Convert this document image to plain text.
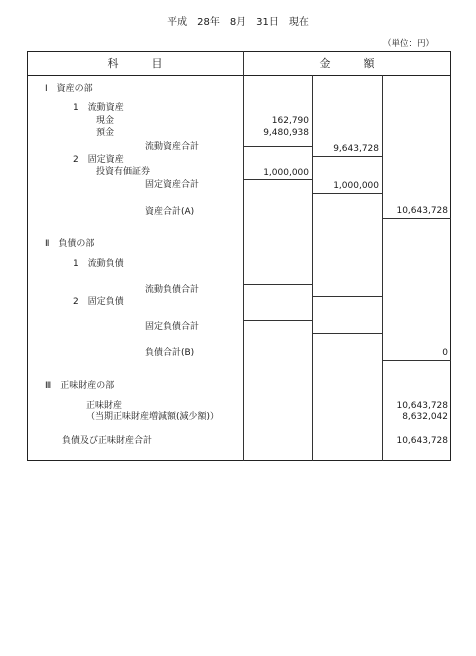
平成　28年　8月　31日　現在
（単位：円）
科　　　目	金　　　額
Ⅰ　資産の部
1　流動資産
現金
預金
流動資産合計
2　固定資産
投資有価証券
固定資産合計
資産合計(A)
162,790
9,480,938
9,643,728
1,000,000
1,000,000
10,643,728
Ⅱ　負債の部
1　流動負債
流動負債合計
2　固定負債
固定負債合計
負債合計(B)	0
Ⅲ　正味財産の部
正味財産
（当期正味財産増減額(減少額)）
負債及び正味財産合計
10,643,728
8,632,042
10,643,728
